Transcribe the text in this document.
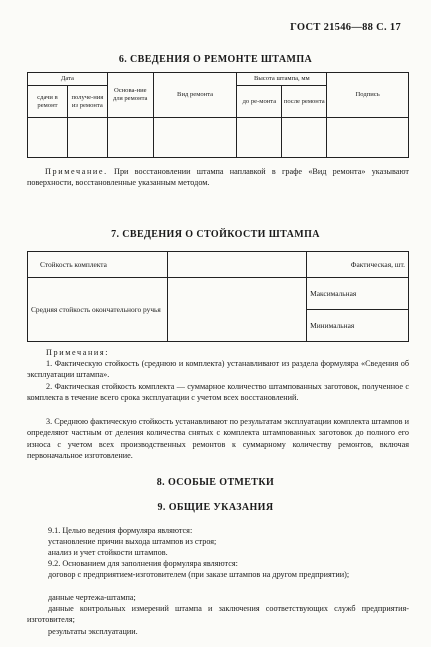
ГОСТ 21546—88 С. 17
6. СВЕДЕНИЯ О РЕМОНТЕ ШТАМПА
Дата		Основа-ние для ремонта	Вид ремонта	Высота штампа, мм		Подпись
сдачи в ремонт	получе-ния из ремонта			до ре-монта	после ремонта	

Примечание. При восстановлении штампа наплавкой в графе «Вид ремонта» указывают поверхности, восстановленные указанным методом.
7. СВЕДЕНИЯ О СТОЙКОСТИ ШТАМПА
Стойкость комплекта		Фактическая, шт.
Средняя стойкость окончательного ручья		Максимальная
		Минимальная
Примечания:
1. Фактическую стойкость (среднюю и комплекта) устанавливают из раздела формуляра «Сведения об эксплуатации штампа».
2. Фактическая стойкость комплекта — суммарное количество штампованных заготовок, полученное с комплекта в течение всего срока эксплуатации с учетом всех восстановлений.
3. Среднюю фактическую стойкость устанавливают по результатам эксплуатации комплекта штампов и определяют частным от деления количества снятых с комплекта штампованных заготовок до полного его износа с учетом всех производственных ремонтов к суммарному количеству ремонтов, включая первоначальное изготовление.
8. ОСОБЫЕ ОТМЕТКИ
9. ОБЩИЕ УКАЗАНИЯ
9.1. Целью ведения формуляра являются:
установление причин выхода штампов из строя;
анализ и учет стойкости штампов.
9.2. Основанием для заполнения формуляра являются:
договор с предприятием-изготовителем (при заказе штампов на другом предприятии);
данные чертежа-штампа;
данные контрольных измерений штампа и заключения соответствующих служб предприятия-изготовителя;
результаты эксплуатации.
